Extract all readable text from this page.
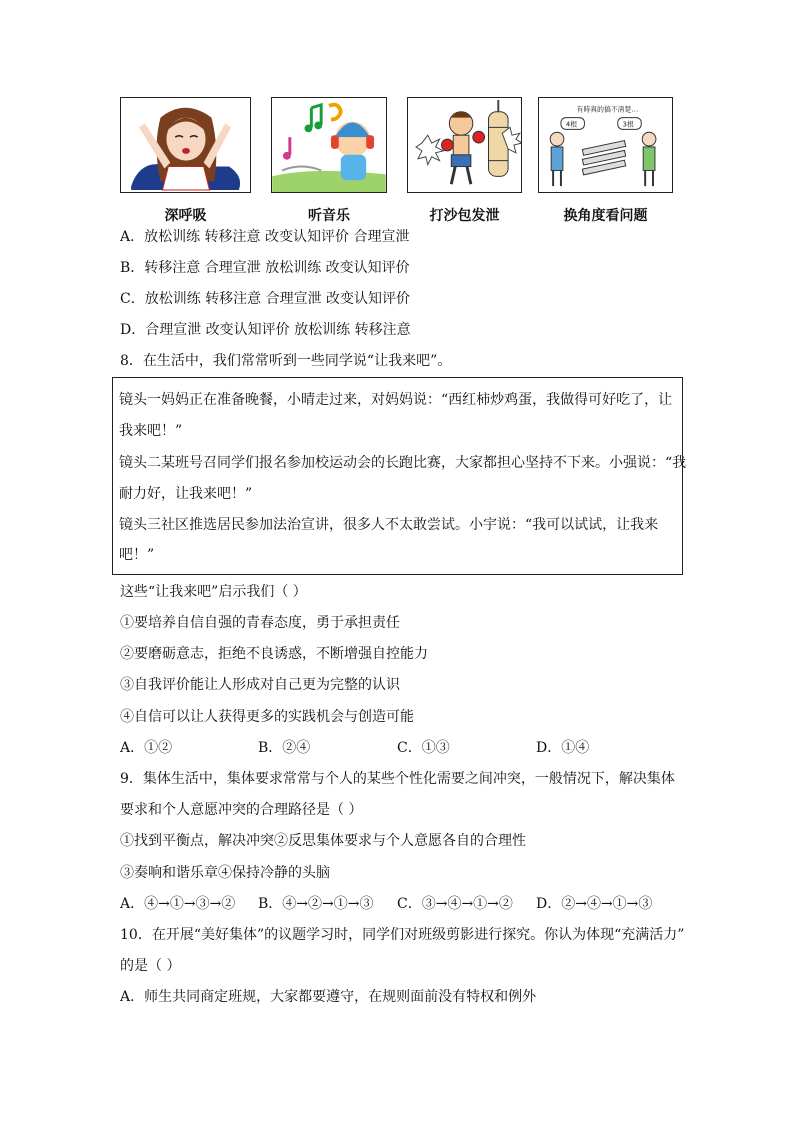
有時真的搞不清楚…
4根	3根
深呼吸	听音乐	打沙包发泄	换角度看问题
A．放松训练 转移注意 改变认知评价 合理宣泄
B．转移注意 合理宣泄 放松训练 改变认知评价
C．放松训练 转移注意 合理宣泄 改变认知评价
D．合理宣泄 改变认知评价 放松训练 转移注意
8．在生活中，我们常常听到一些同学说“让我来吧”。
镜头一妈妈正在准备晚餐，小晴走过来，对妈妈说：“西红柿炒鸡蛋，我做得可好吃了，让
我来吧！”
镜头二某班号召同学们报名参加校运动会的长跑比赛，大家都担心坚持不下来。小强说：“我
耐力好，让我来吧！”
镜头三社区推选居民参加法治宣讲，很多人不太敢尝试。小宇说：“我可以试试，让我来
吧！”
这些“让我来吧”启示我们（ ）
①要培养自信自强的青春态度，勇于承担责任
②要磨砺意志，拒绝不良诱惑，不断增强自控能力
③自我评价能让人形成对自己更为完整的认识
④自信可以让人获得更多的实践机会与创造可能
A．①②	B．②④	C．①③	D．①④
9．集体生活中，集体要求常常与个人的某些个性化需要之间冲突，一般情况下，解决集体
要求和个人意愿冲突的合理路径是（ ）
①找到平衡点，解决冲突②反思集体要求与个人意愿各自的合理性
③奏响和谐乐章④保持冷静的头脑
A．④→①→③→② B．④→②→①→③ C．③→④→①→② D．②→④→①→③
10．在开展“美好集体”的议题学习时，同学们对班级剪影进行探究。你认为体现“充满活力”
的是（ ）
A．师生共同商定班规，大家都要遵守，在规则面前没有特权和例外
